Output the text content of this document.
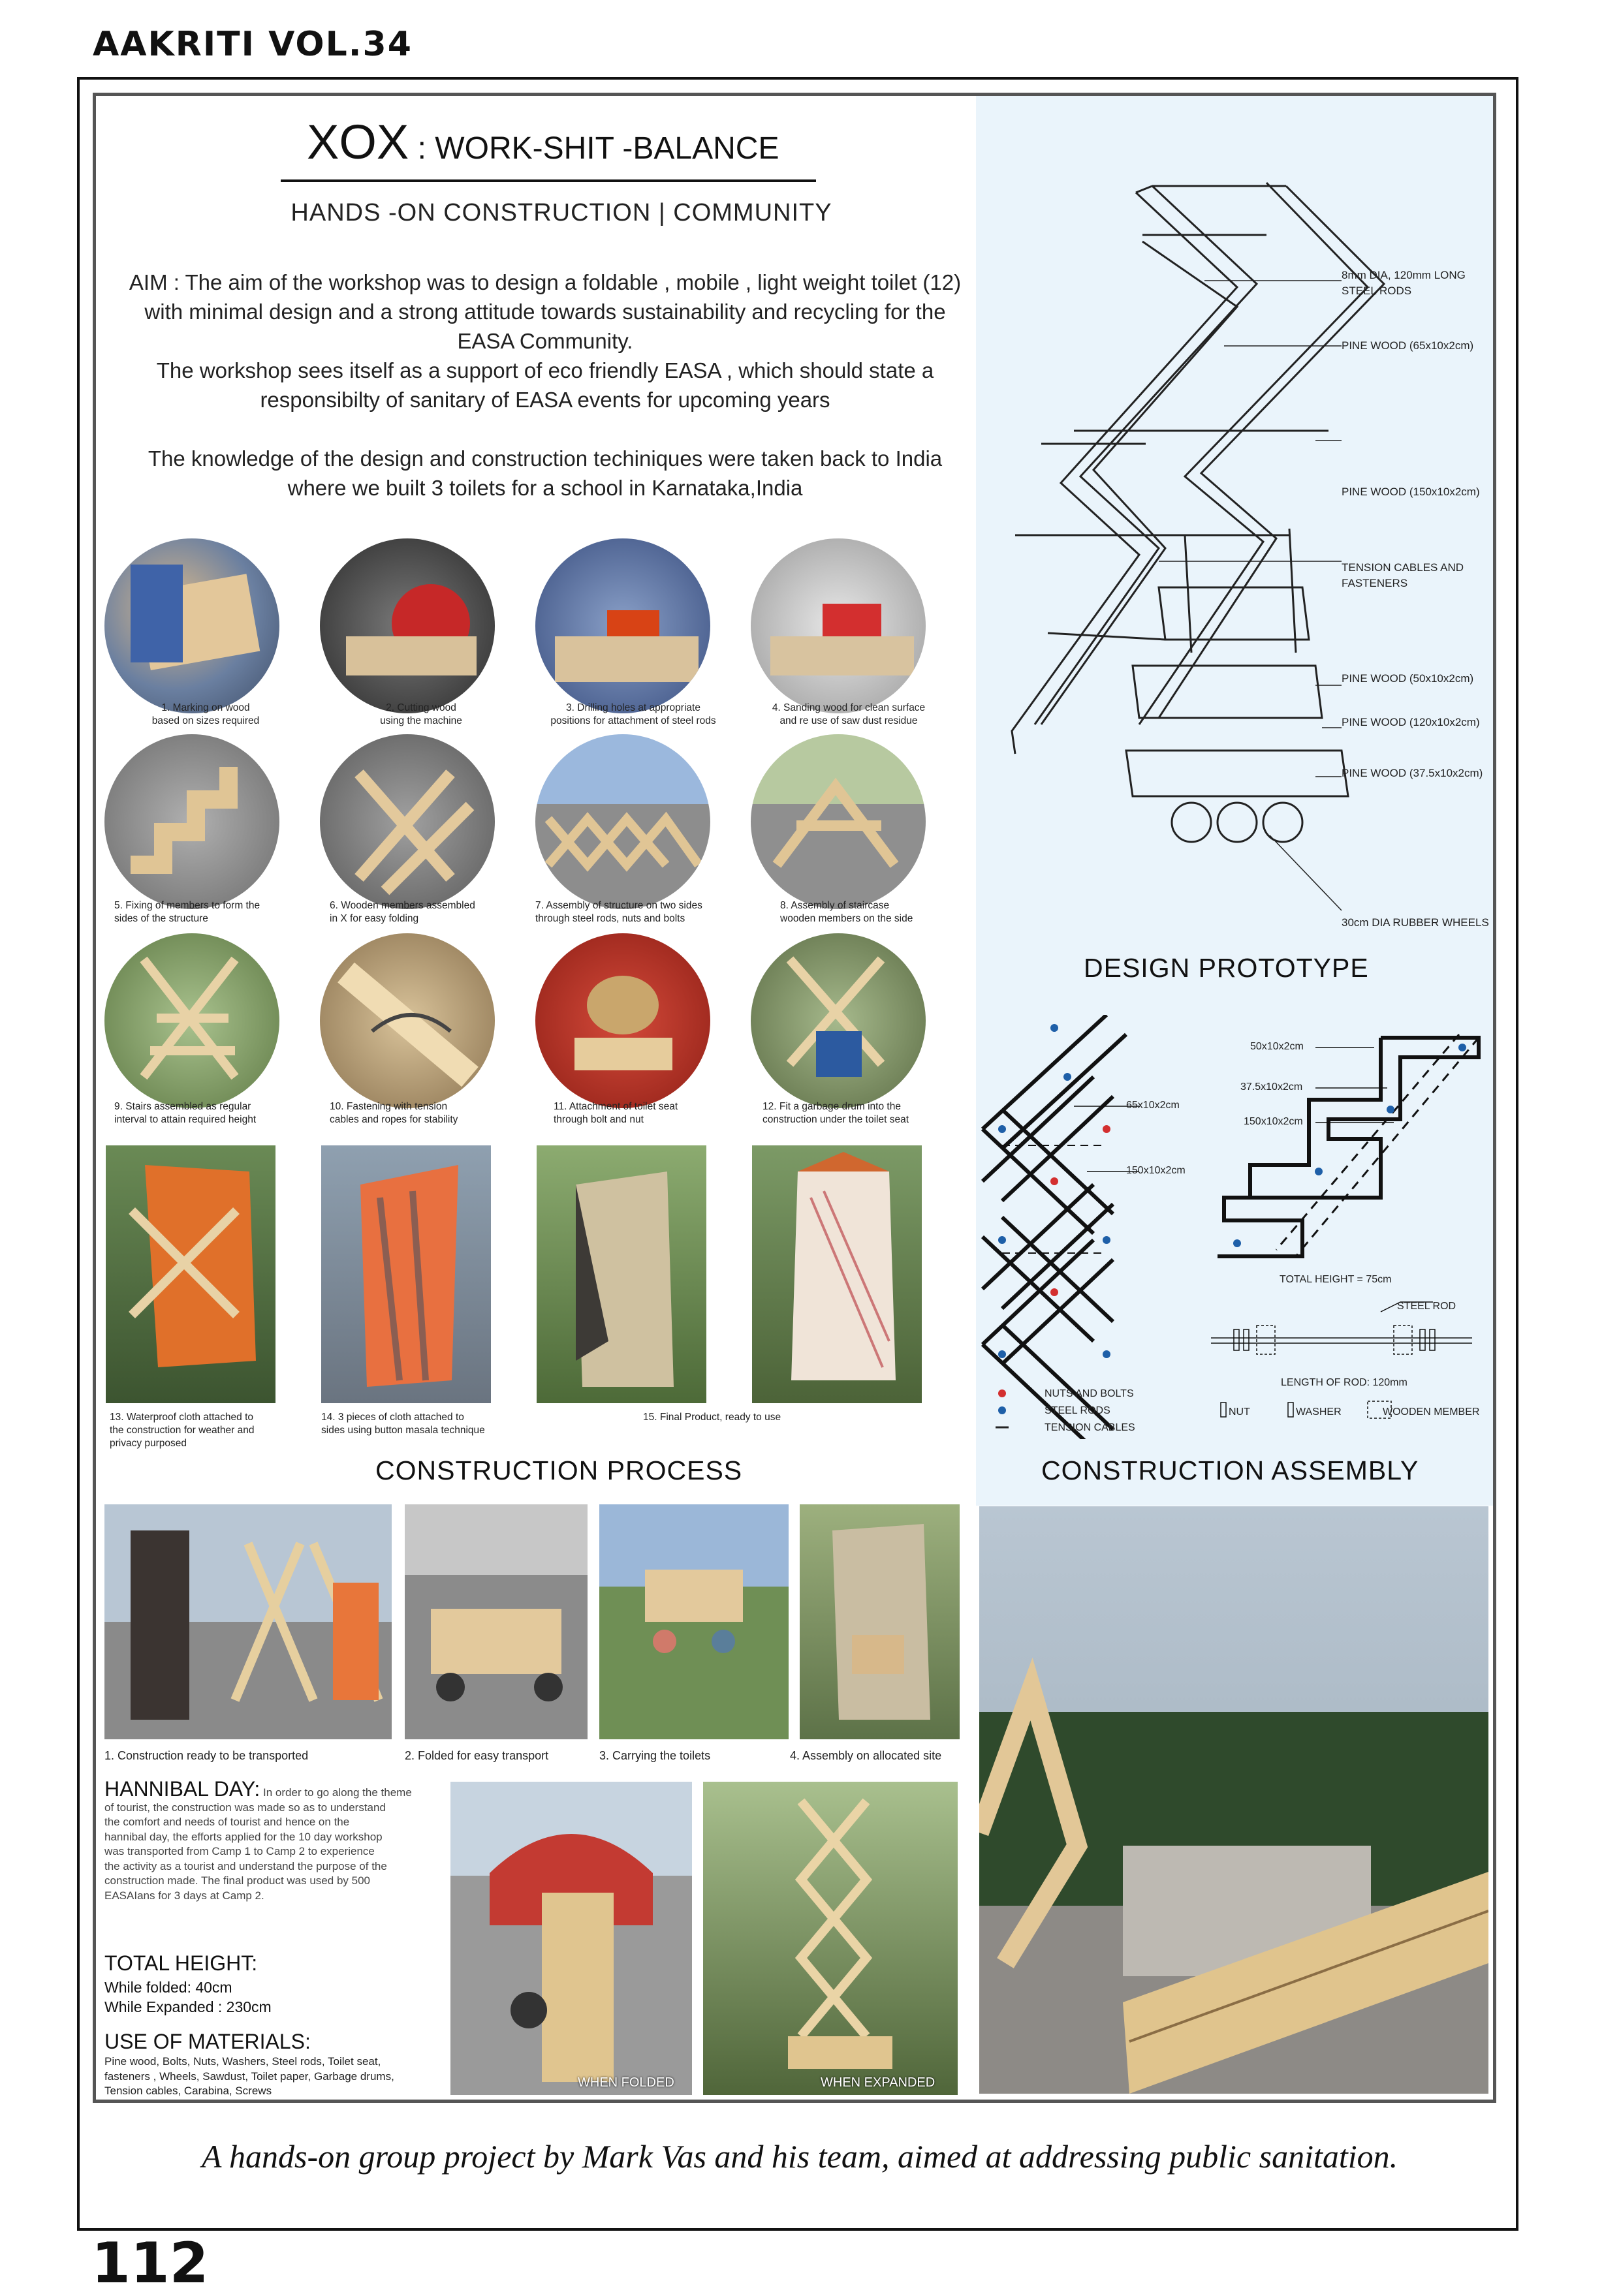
AAKRITI VOL.34
XOX : WORK-SHIT -BALANCE
HANDS -ON CONSTRUCTION | COMMUNITY
AIM : The aim of the workshop was to design a foldable , mobile , light weight toilet (12)
with minimal design and a strong attitude towards sustainability and recycling for the
EASA Community.
The workshop sees itself as a support of eco friendly EASA , which should state a
responsibilty of sanitary of EASA events for upcoming years
The knowledge of the design and construction techiniques were taken back to India
where we built 3 toilets for a school in Karnataka,India
1. Marking on wood
based on sizes required
2. Cutting wood
using the machine
3. Drilling holes at appropriate
positions for attachment of steel rods
4. Sanding wood for clean surface
and re use of saw dust residue
5. Fixing of members to form the
sides of the structure
6. Wooden members assembled
in X for easy folding
7. Assembly of structure on two sides
through steel rods, nuts and bolts
8. Assembly of staircase
wooden members on the side
9. Stairs assembled as regular
interval to attain required height
10. Fastening with tension
cables and ropes for stability
11. Attachment of toilet seat
through bolt and nut
12. Fit a garbage drum into the
construction under the toilet seat
13. Waterproof cloth attached to
the construction for weather and
privacy purposed
14. 3 pieces of cloth attached to
sides using button masala technique
15. Final Product, ready to use
CONSTRUCTION PROCESS
8mm DIA, 120mm LONG
STEEL RODS
PINE WOOD (65x10x2cm)
PINE WOOD (150x10x2cm)
TENSION CABLES AND
FASTENERS
PINE WOOD (50x10x2cm)
PINE WOOD (120x10x2cm)
PINE WOOD (37.5x10x2cm)
30cm DIA RUBBER WHEELS
DESIGN PROTOTYPE
65x10x2cm
150x10x2cm
50x10x2cm
37.5x10x2cm
150x10x2cm
TOTAL HEIGHT = 75cm
STEEL ROD
LENGTH OF ROD: 120mm
NUTS AND BOLTS
STEEL RODS
TENSION CABLES
NUT	WASHER	WOODEN MEMBER
CONSTRUCTION ASSEMBLY
1. Construction ready to be transported	2. Folded for easy transport	3. Carrying the toilets	4. Assembly on allocated site
HANNIBAL DAY: In order to go along the theme
of tourist, the construction was made so as to understand
the comfort and needs of tourist and hence on the
hannibal day, the efforts applied for the 10 day workshop
was transported from Camp 1 to Camp 2 to experience
the activity as a tourist and understand the purpose of the
construction made. The final product was used by 500
EASAIans for 3 days at Camp 2.
TOTAL HEIGHT:
While folded: 40cm
While Expanded : 230cm
USE OF MATERIALS:
Pine wood, Bolts, Nuts, Washers, Steel rods, Toilet seat,
fasteners , Wheels, Sawdust, Toilet paper, Garbage drums,
Tension cables, Carabina, Screws
WHEN FOLDED	WHEN EXPANDED
A hands-on group project by Mark Vas and his team, aimed at addressing public sanitation.
112
